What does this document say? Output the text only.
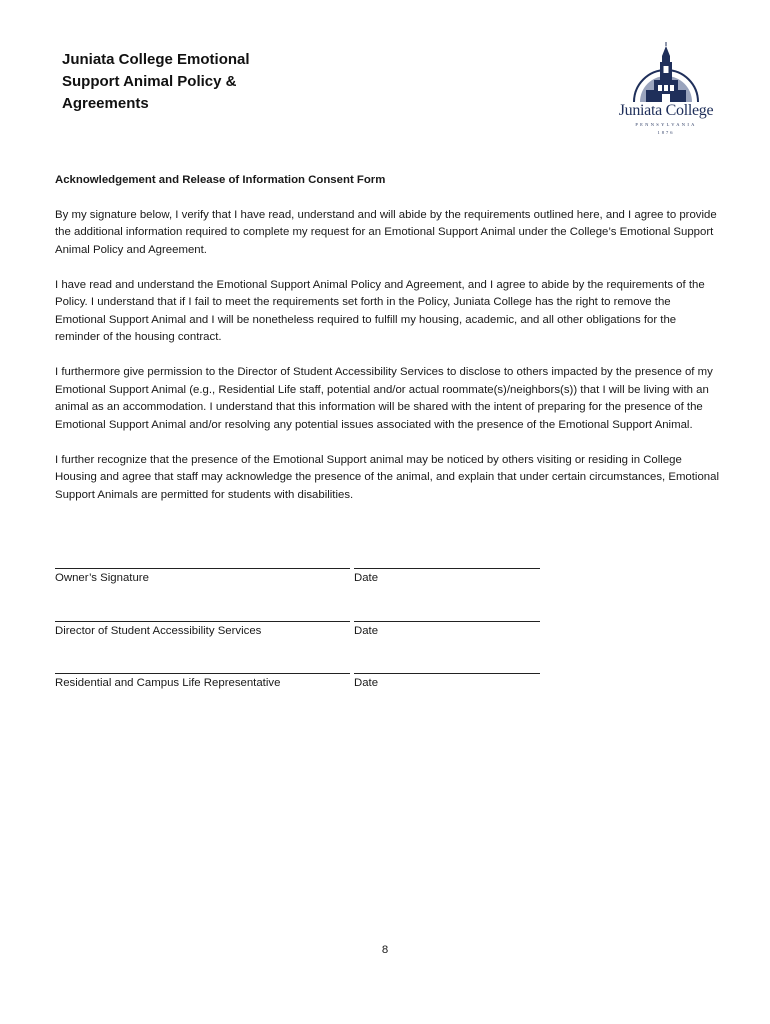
Juniata College Emotional Support Animal Policy & Agreements	Juniata College
PENNSYLVANIA
1876
Acknowledgement and Release of Information Consent Form

By my signature below, I verify that I have read, understand and will abide by the requirements outlined here, and I agree to provide the additional information required to complete my request for an Emotional Support Animal under the College’s Emotional Support Animal Policy and Agreement.

I have read and understand the Emotional Support Animal Policy and Agreement, and I agree to abide by the requirements of the Policy. I understand that if I fail to meet the requirements set forth in the Policy, Juniata College has the right to remove the Emotional Support Animal and I will be nonetheless required to fulfill my housing, academic, and all other obligations for the reminder of the housing contract.

I furthermore give permission to the Director of Student Accessibility Services to disclose to others impacted by the presence of my Emotional Support Animal (e.g., Residential Life staff, potential and/or actual roommate(s)/neighbors(s)) that I will be living with an animal as an accommodation. I understand that this information will be shared with the intent of preparing for the presence of the Emotional Support Animal and/or resolving any potential issues associated with the presence of the Emotional Support Animal.

I further recognize that the presence of the Emotional Support animal may be noticed by others visiting or residing in College Housing and agree that staff may acknowledge the presence of the animal, and explain that under certain circumstances, Emotional Support Animals are permitted for students with disabilities.

Owner’s Signature	Date
Director of Student Accessibility Services	Date
Residential and Campus Life Representative	Date
8
